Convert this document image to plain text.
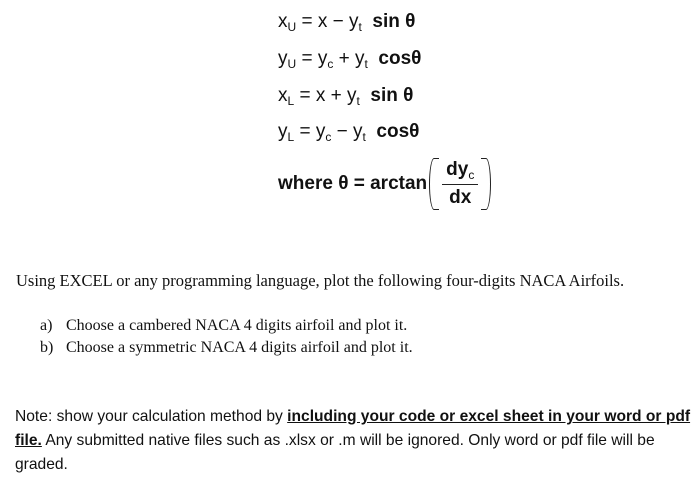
$x_U = x - y_t$ sin θ
$y_U = y_c + y_t$ cosθ
$x_L = x + y_t$ sin θ
$y_L = y_c - y_t$ cosθ
where $\theta = \arctan \frac{dy_c}{dx}$
Using EXCEL or any programming language, plot the following four-digits NACA Airfoils.
a) Choose a cambered NACA 4 digits airfoil and plot it.
b) Choose a symmetric NACA 4 digits airfoil and plot it.
Note: show your calculation method by including your code or excel sheet in your word or pdf file. Any submitted native files such as .xlsx or .m will be ignored. Only word or pdf file will be graded.
